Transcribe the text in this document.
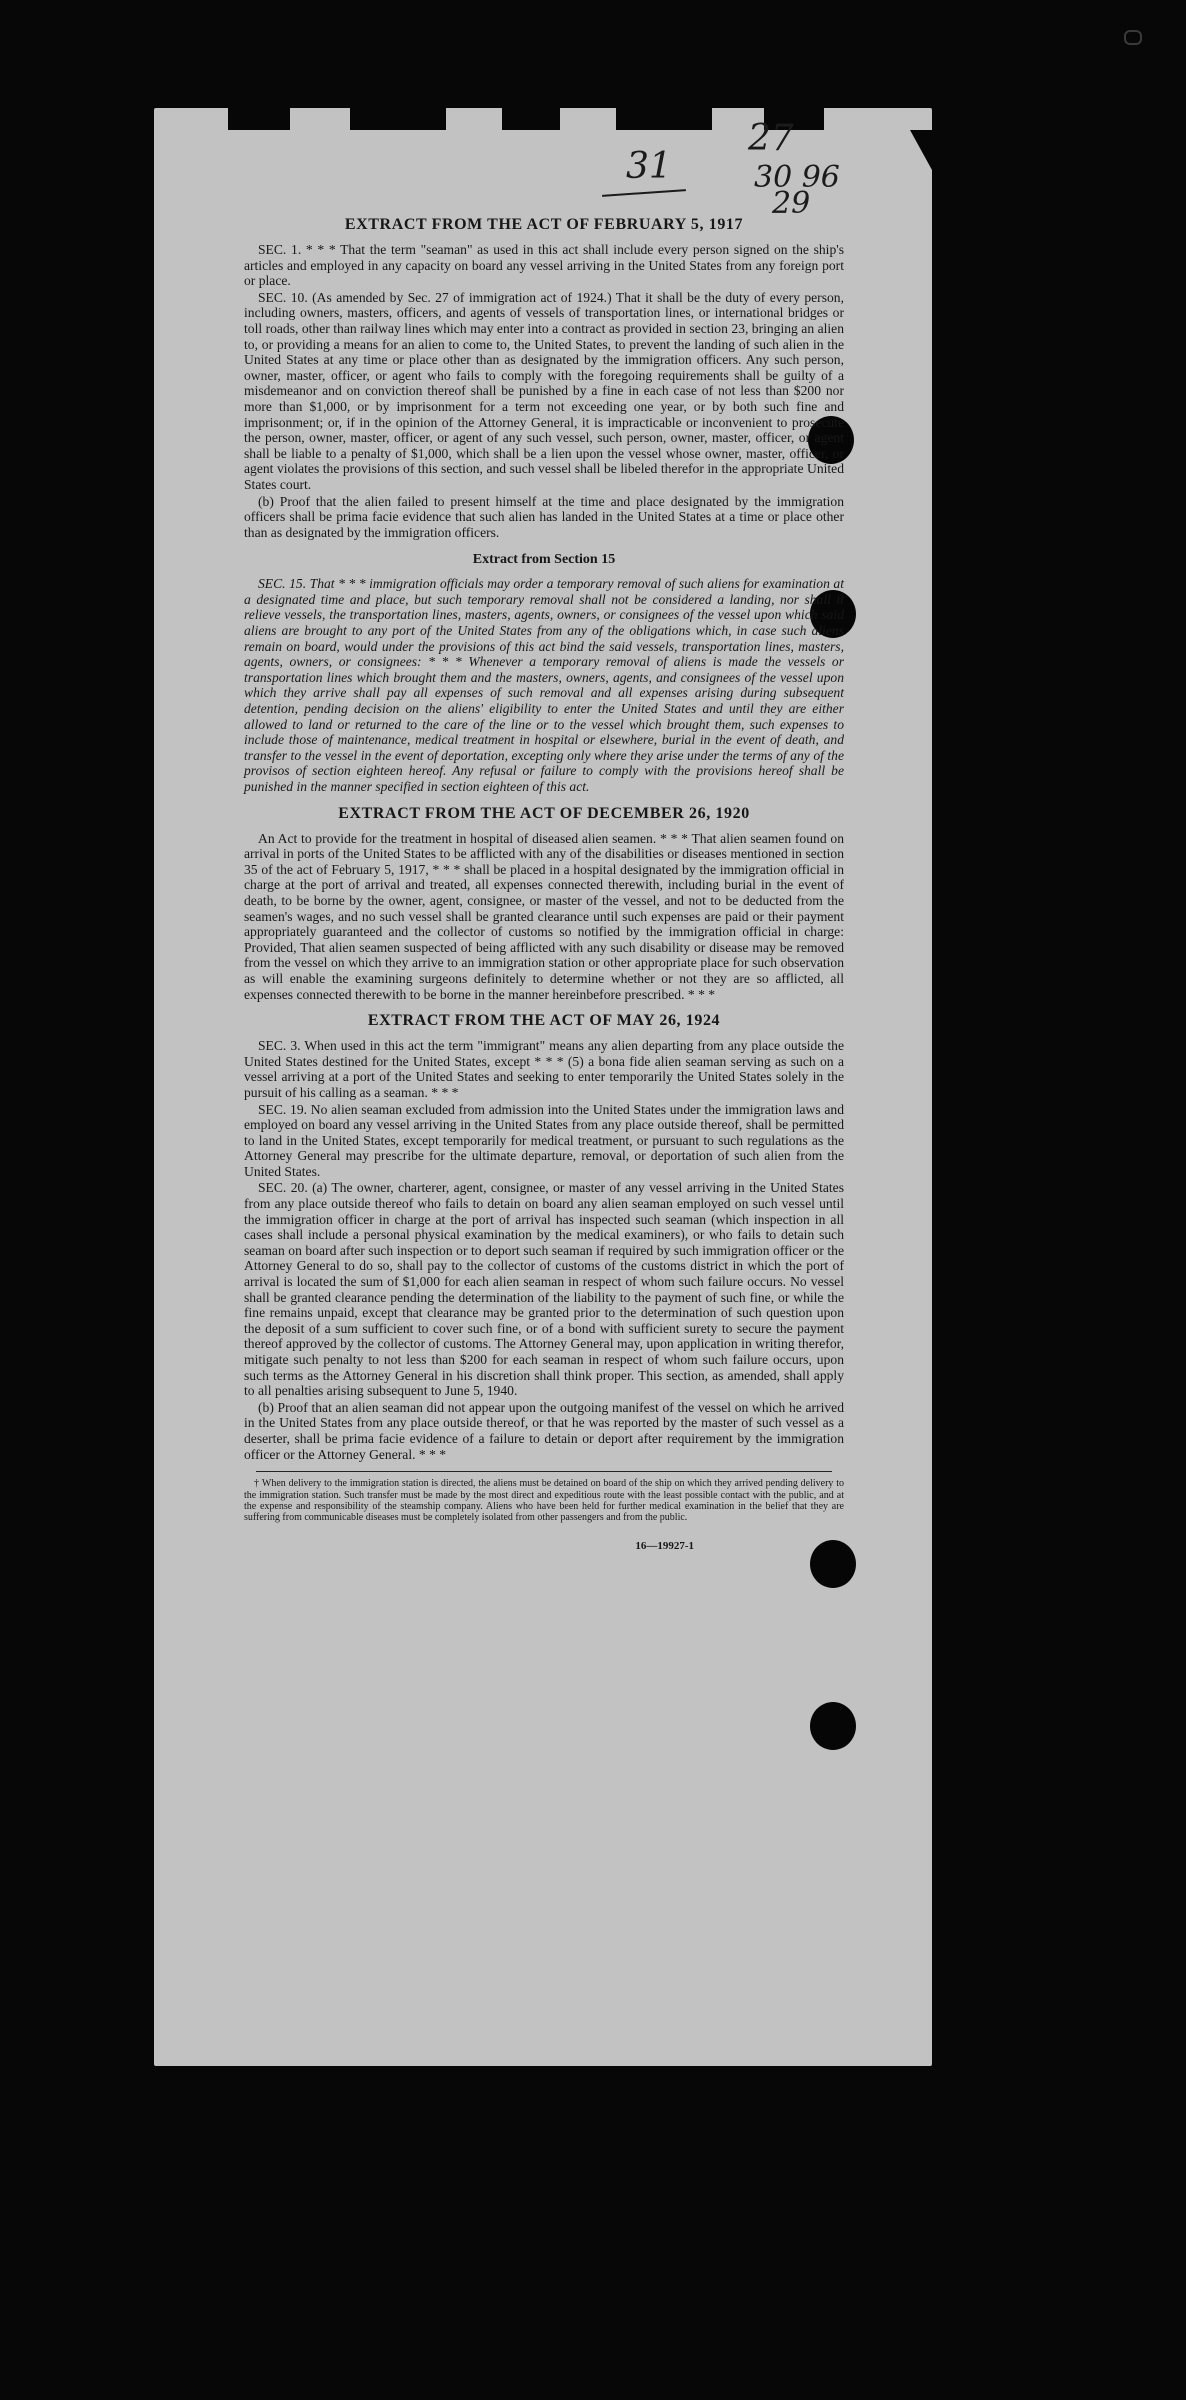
31
27
30 96
29
EXTRACT FROM THE ACT OF FEBRUARY 5, 1917

SEC. 1. * * * That the term "seaman" as used in this act shall include every person signed on the ship's articles and employed in any capacity on board any vessel arriving in the United States from any foreign port or place.

SEC. 10. (As amended by Sec. 27 of immigration act of 1924.) That it shall be the duty of every person, including owners, masters, officers, and agents of vessels of transportation lines, or international bridges or toll roads, other than railway lines which may enter into a contract as provided in section 23, bringing an alien to, or providing a means for an alien to come to, the United States, to prevent the landing of such alien in the United States at any time or place other than as designated by the immigration officers. Any such person, owner, master, officer, or agent who fails to comply with the foregoing requirements shall be guilty of a misdemeanor and on conviction thereof shall be punished by a fine in each case of not less than $200 nor more than $1,000, or by imprisonment for a term not exceeding one year, or by both such fine and imprisonment; or, if in the opinion of the Attorney General, it is impracticable or inconvenient to prosecute the person, owner, master, officer, or agent of any such vessel, such person, owner, master, officer, or agent shall be liable to a penalty of $1,000, which shall be a lien upon the vessel whose owner, master, officer, or agent violates the provisions of this section, and such vessel shall be libeled therefor in the appropriate United States court.

(b) Proof that the alien failed to present himself at the time and place designated by the immigration officers shall be prima facie evidence that such alien has landed in the United States at a time or place other than as designated by the immigration officers.

Extract from Section 15

SEC. 15. That * * * immigration officials may order a temporary removal of such aliens for examination at a designated time and place, but such temporary removal shall not be considered a landing, nor shall it relieve vessels, the transportation lines, masters, agents, owners, or consignees of the vessel upon which said aliens are brought to any port of the United States from any of the obligations which, in case such aliens remain on board, would under the provisions of this act bind the said vessels, transportation lines, masters, agents, owners, or consignees: * * * Whenever a temporary removal of aliens is made the vessels or transportation lines which brought them and the masters, owners, agents, and consignees of the vessel upon which they arrive shall pay all expenses of such removal and all expenses arising during subsequent detention, pending decision on the aliens' eligibility to enter the United States and until they are either allowed to land or returned to the care of the line or to the vessel which brought them, such expenses to include those of maintenance, medical treatment in hospital or elsewhere, burial in the event of death, and transfer to the vessel in the event of deportation, excepting only where they arise under the terms of any of the provisos of section eighteen hereof. Any refusal or failure to comply with the provisions hereof shall be punished in the manner specified in section eighteen of this act.

EXTRACT FROM THE ACT OF DECEMBER 26, 1920

An Act to provide for the treatment in hospital of diseased alien seamen. * * * That alien seamen found on arrival in ports of the United States to be afflicted with any of the disabilities or diseases mentioned in section 35 of the act of February 5, 1917, * * * shall be placed in a hospital designated by the immigration official in charge at the port of arrival and treated, all expenses connected therewith, including burial in the event of death, to be borne by the owner, agent, consignee, or master of the vessel, and not to be deducted from the seamen's wages, and no such vessel shall be granted clearance until such expenses are paid or their payment appropriately guaranteed and the collector of customs so notified by the immigration official in charge: Provided, That alien seamen suspected of being afflicted with any such disability or disease may be removed from the vessel on which they arrive to an immigration station or other appropriate place for such observation as will enable the examining surgeons definitely to determine whether or not they are so afflicted, all expenses connected therewith to be borne in the manner hereinbefore prescribed. * * *

EXTRACT FROM THE ACT OF MAY 26, 1924

SEC. 3. When used in this act the term "immigrant" means any alien departing from any place outside the United States destined for the United States, except * * * (5) a bona fide alien seaman serving as such on a vessel arriving at a port of the United States and seeking to enter temporarily the United States solely in the pursuit of his calling as a seaman. * * *

SEC. 19. No alien seaman excluded from admission into the United States under the immigration laws and employed on board any vessel arriving in the United States from any place outside thereof, shall be permitted to land in the United States, except temporarily for medical treatment, or pursuant to such regulations as the Attorney General may prescribe for the ultimate departure, removal, or deportation of such alien from the United States.

SEC. 20. (a) The owner, charterer, agent, consignee, or master of any vessel arriving in the United States from any place outside thereof who fails to detain on board any alien seaman employed on such vessel until the immigration officer in charge at the port of arrival has inspected such seaman (which inspection in all cases shall include a personal physical examination by the medical examiners), or who fails to detain such seaman on board after such inspection or to deport such seaman if required by such immigration officer or the Attorney General to do so, shall pay to the collector of customs of the customs district in which the port of arrival is located the sum of $1,000 for each alien seaman in respect of whom such failure occurs. No vessel shall be granted clearance pending the determination of the liability to the payment of such fine, or while the fine remains unpaid, except that clearance may be granted prior to the determination of such question upon the deposit of a sum sufficient to cover such fine, or of a bond with sufficient surety to secure the payment thereof approved by the collector of customs. The Attorney General may, upon application in writing therefor, mitigate such penalty to not less than $200 for each seaman in respect of whom such failure occurs, upon such terms as the Attorney General in his discretion shall think proper. This section, as amended, shall apply to all penalties arising subsequent to June 5, 1940.

(b) Proof that an alien seaman did not appear upon the outgoing manifest of the vessel on which he arrived in the United States from any place outside thereof, or that he was reported by the master of such vessel as a deserter, shall be prima facie evidence of a failure to detain or deport after requirement by the immigration officer or the Attorney General. * * *

† When delivery to the immigration station is directed, the aliens must be detained on board of the ship on which they arrived pending delivery to the immigration station. Such transfer must be made by the most direct and expeditious route with the least possible contact with the public, and at the expense and responsibility of the steamship company. Aliens who have been held for further medical examination in the belief that they are suffering from communicable diseases must be completely isolated from other passengers and from the public.

16—19927-1
